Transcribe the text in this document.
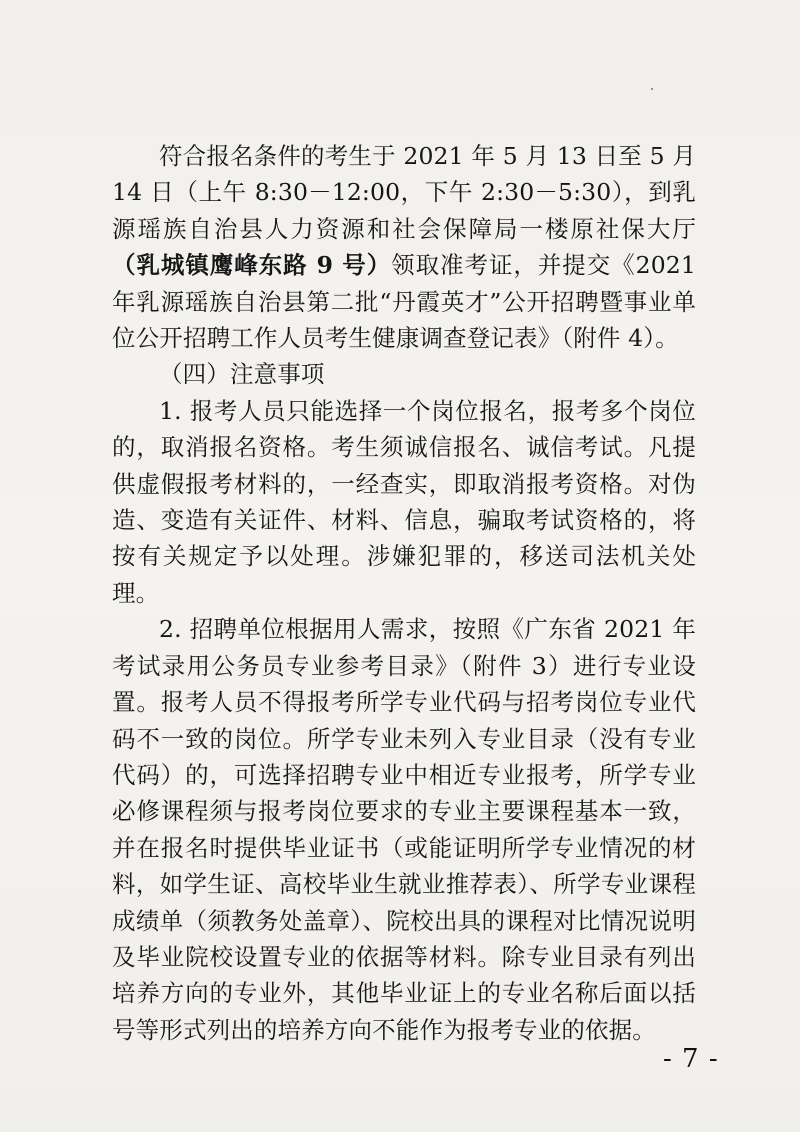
符合报名条件的考生于 2021 年 5 月 13 日至 5 月 14 日（上午 8:30－12:00，下午 2:30－5:30），到乳源瑶族自治县人力资源和社会保障局一楼原社保大厅（乳城镇鹰峰东路 9 号）领取准考证，并提交《2021 年乳源瑶族自治县第二批“丹霞英才”公开招聘暨事业单位公开招聘工作人员考生健康调查登记表》（附件 4）。

（四）注意事项

1. 报考人员只能选择一个岗位报名，报考多个岗位的，取消报名资格。考生须诚信报名、诚信考试。凡提供虚假报考材料的，一经查实，即取消报考资格。对伪造、变造有关证件、材料、信息，骗取考试资格的，将按有关规定予以处理。涉嫌犯罪的，移送司法机关处理。

2. 招聘单位根据用人需求，按照《广东省 2021 年考试录用公务员专业参考目录》（附件 3）进行专业设置。报考人员不得报考所学专业代码与招考岗位专业代码不一致的岗位。所学专业未列入专业目录（没有专业代码）的，可选择招聘专业中相近专业报考，所学专业必修课程须与报考岗位要求的专业主要课程基本一致，并在报名时提供毕业证书（或能证明所学专业情况的材料，如学生证、高校毕业生就业推荐表）、所学专业课程成绩单（须教务处盖章）、院校出具的课程对比情况说明及毕业院校设置专业的依据等材料。除专业目录有列出培养方向的专业外，其他毕业证上的专业名称后面以括号等形式列出的培养方向不能作为报考专业的依据。

- 7 -
